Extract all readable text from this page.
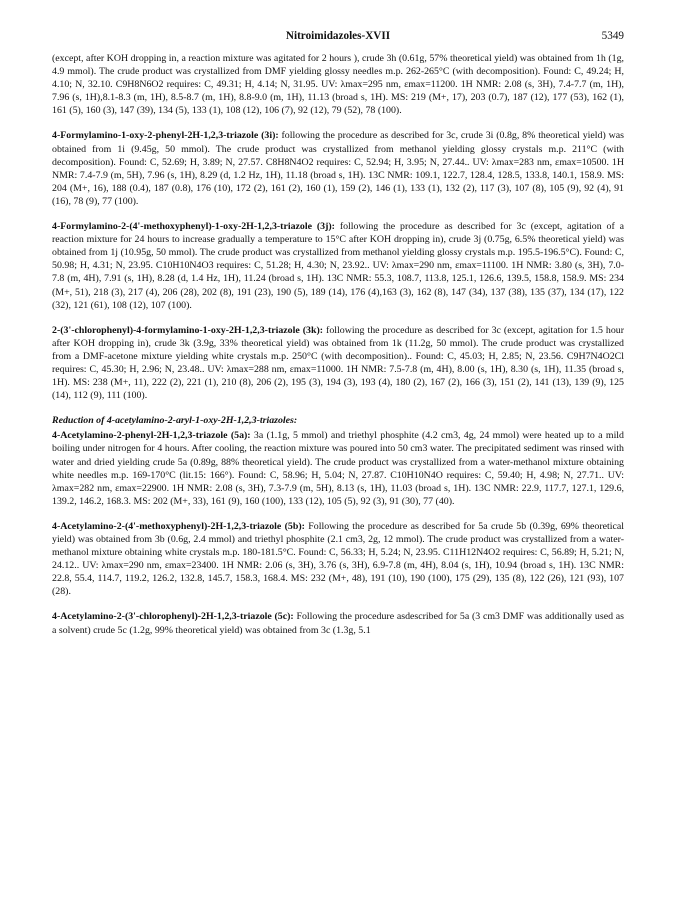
Nitroimidazoles-XVII	5349

(except, after KOH dropping in, a reaction mixture was agitated for 2 hours ), crude 3h (0.61g, 57% theoretical yield) was obtained from 1h (1g, 4.9 mmol). The crude product was crystallized from DMF yielding glossy needles m.p. 262-265°C (with decomposition). Found: C, 49.24; H, 4.10; N, 32.10. C9H8N6O2 requires: C, 49.31; H, 4.14; N, 31.95. UV: λmax=295 nm, εmax=11200. 1H NMR: 2.08 (s, 3H), 7.4-7.7 (m, 1H), 7.96 (s, 1H),8.1-8.3 (m, 1H), 8.5-8.7 (m, 1H), 8.8-9.0 (m, 1H), 11.13 (broad s, 1H). MS: 219 (M+, 17), 203 (0.7), 187 (12), 177 (53), 162 (1), 161 (5), 160 (3), 147 (39), 134 (5), 133 (1), 108 (12), 106 (7), 92 (12), 79 (52), 78 (100).

4-Formylamino-1-oxy-2-phenyl-2H-1,2,3-triazole (3i): following the procedure as described for 3c, crude 3i (0.8g, 8% theoretical yield) was obtained from 1i (9.45g, 50 mmol). The crude product was crystallized from methanol yielding glossy crystals m.p. 211°C (with decomposition). Found: C, 52.69; H, 3.89; N, 27.57. C8H8N4O2 requires: C, 52.94; H, 3.95; N, 27.44.. UV: λmax=283 nm, εmax=10500. 1H NMR: 7.4-7.9 (m, 5H), 7.96 (s, 1H), 8.29 (d, 1.2 Hz, 1H), 11.18 (broad s, 1H). 13C NMR: 109.1, 122.7, 128.4, 128.5, 133.8, 140.1, 158.9. MS: 204 (M+, 16), 188 (0.4), 187 (0.8), 176 (10), 172 (2), 161 (2), 160 (1), 159 (2), 146 (1), 133 (1), 132 (2), 117 (3), 107 (8), 105 (9), 92 (4), 91 (16), 78 (9), 77 (100).

4-Formylamino-2-(4'-methoxyphenyl)-1-oxy-2H-1,2,3-triazole (3j): following the procedure as described for 3c (except, agitation of a reaction mixture for 24 hours to increase gradually a temperature to 15°C after KOH dropping in), crude 3j (0.75g, 6.5% theoretical yield) was obtained from 1j (10.95g, 50 mmol). The crude product was crystallized from methanol yielding glossy crystals m.p. 195.5-196.5°C). Found: C, 50.98; H, 4.31; N, 23.95. C10H10N4O3 requires: C, 51.28; H, 4.30; N, 23.92.. UV: λmax=290 nm, εmax=11100. 1H NMR: 3.80 (s, 3H), 7.0-7.8 (m, 4H), 7.91 (s, 1H), 8.28 (d, 1.4 Hz, 1H), 11.24 (broad s, 1H). 13C NMR: 55.3, 108.7, 113.8, 125.1, 126.6, 139.5, 158.8, 158.9. MS: 234 (M+, 51), 218 (3), 217 (4), 206 (28), 202 (8), 191 (23), 190 (5), 189 (14), 176 (4),163 (3), 162 (8), 147 (34), 137 (38), 135 (37), 134 (17), 122 (32), 121 (61), 108 (12), 107 (100).

2-(3'-chlorophenyl)-4-formylamino-1-oxy-2H-1,2,3-triazole (3k): following the procedure as described for 3c (except, agitation for 1.5 hour after KOH dropping in), crude 3k (3.9g, 33% theoretical yield) was obtained from 1k (11.2g, 50 mmol). The crude product was crystallized from a DMF-acetone mixture yielding white crystals m.p. 250°C (with decomposition).. Found: C, 45.03; H, 2.85; N, 23.56. C9H7N4O2Cl requires: C, 45.30; H, 2.96; N, 23.48.. UV: λmax=288 nm, εmax=11000. 1H NMR: 7.5-7.8 (m, 4H), 8.00 (s, 1H), 8.30 (s, 1H), 11.35 (broad s, 1H). MS: 238 (M+, 11), 222 (2), 221 (1), 210 (8), 206 (2), 195 (3), 194 (3), 193 (4), 180 (2), 167 (2), 166 (3), 151 (2), 141 (13), 139 (9), 125 (14), 112 (9), 111 (100).

Reduction of 4-acetylamino-2-aryl-1-oxy-2H-1,2,3-triazoles:

4-Acetylamino-2-phenyl-2H-1,2,3-triazole (5a): 3a (1.1g, 5 mmol) and triethyl phosphite (4.2 cm3, 4g, 24 mmol) were heated up to a mild boiling under nitrogen for 4 hours. After cooling, the reaction mixture was poured into 50 cm3 water. The precipitated sediment was rinsed with water and dried yielding crude 5a (0.89g, 88% theoretical yield). The crude product was crystallized from a water-methanol mixture obtaining white needles m.p. 169-170°C (lit.15: 166°). Found: C, 58.96; H, 5.04; N, 27.87. C10H10N4O requires: C, 59.40; H, 4.98; N, 27.71.. UV: λmax=282 nm, εmax=22900. 1H NMR: 2.08 (s, 3H), 7.3-7.9 (m, 5H), 8.13 (s, 1H), 11.03 (broad s, 1H). 13C NMR: 22.9, 117.7, 127.1, 129.6, 139.2, 146.2, 168.3. MS: 202 (M+, 33), 161 (9), 160 (100), 133 (12), 105 (5), 92 (3), 91 (30), 77 (40).

4-Acetylamino-2-(4'-methoxyphenyl)-2H-1,2,3-triazole (5b): Following the procedure as described for 5a crude 5b (0.39g, 69% theoretical yield) was obtained from 3b (0.6g, 2.4 mmol) and triethyl phosphite (2.1 cm3, 2g, 12 mmol). The crude product was crystallized from a water-methanol mixture obtaining white crystals m.p. 180-181.5°C. Found: C, 56.33; H, 5.24; N, 23.95. C11H12N4O2 requires: C, 56.89; H, 5.21; N, 24.12.. UV: λmax=290 nm, εmax=23400. 1H NMR: 2.06 (s, 3H), 3.76 (s, 3H), 6.9-7.8 (m, 4H), 8.04 (s, 1H), 10.94 (broad s, 1H). 13C NMR: 22.8, 55.4, 114.7, 119.2, 126.2, 132.8, 145.7, 158.3, 168.4. MS: 232 (M+, 48), 191 (10), 190 (100), 175 (29), 135 (8), 122 (26), 121 (93), 107 (28).

4-Acetylamino-2-(3'-chlorophenyl)-2H-1,2,3-triazole (5c): Following the procedure asdescribed for 5a (3 cm3 DMF was additionally used as a solvent) crude 5c (1.2g, 99% theoretical yield) was obtained from 3c (1.3g, 5.1
